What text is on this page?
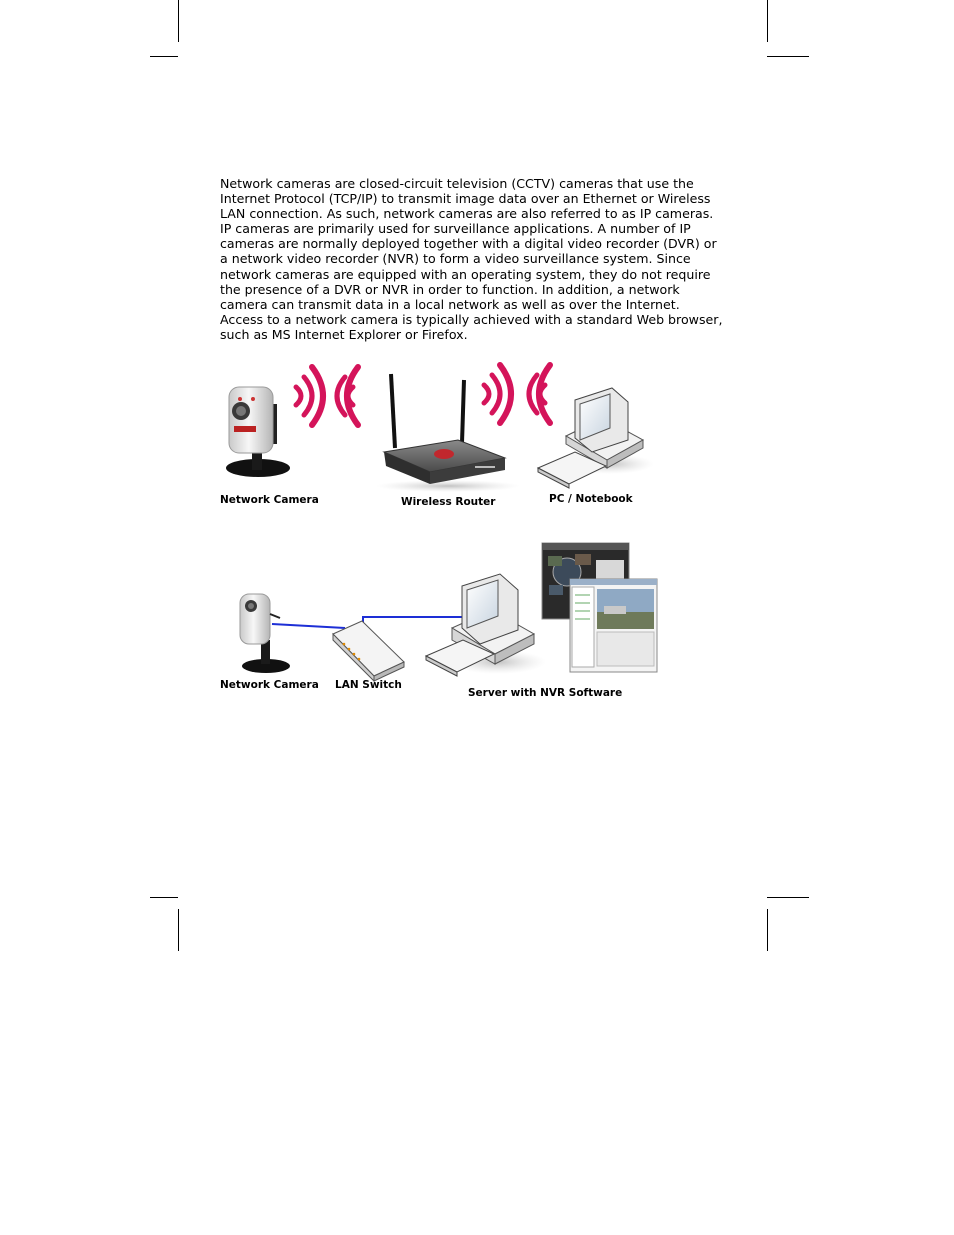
Network cameras are closed-circuit television (CCTV) cameras that use the
Internet Protocol (TCP/IP) to transmit image data over an Ethernet or Wireless
LAN connection. As such, network cameras are also referred to as IP cameras.
IP cameras are primarily used for surveillance applications. A number of IP
cameras are normally deployed together with a digital video recorder (DVR) or
a network video recorder (NVR) to form a video surveillance system. Since
network cameras are equipped with an operating system, they do not require
the presence of a DVR or NVR in order to function. In addition, a network
camera can transmit data in a local network as well as over the Internet.
Access to a network camera is typically achieved with a standard Web browser,
such as MS Internet Explorer or Firefox.

Network Camera	Wireless Router	PC / Notebook
Network Camera LAN Switch
Server with NVR Software
